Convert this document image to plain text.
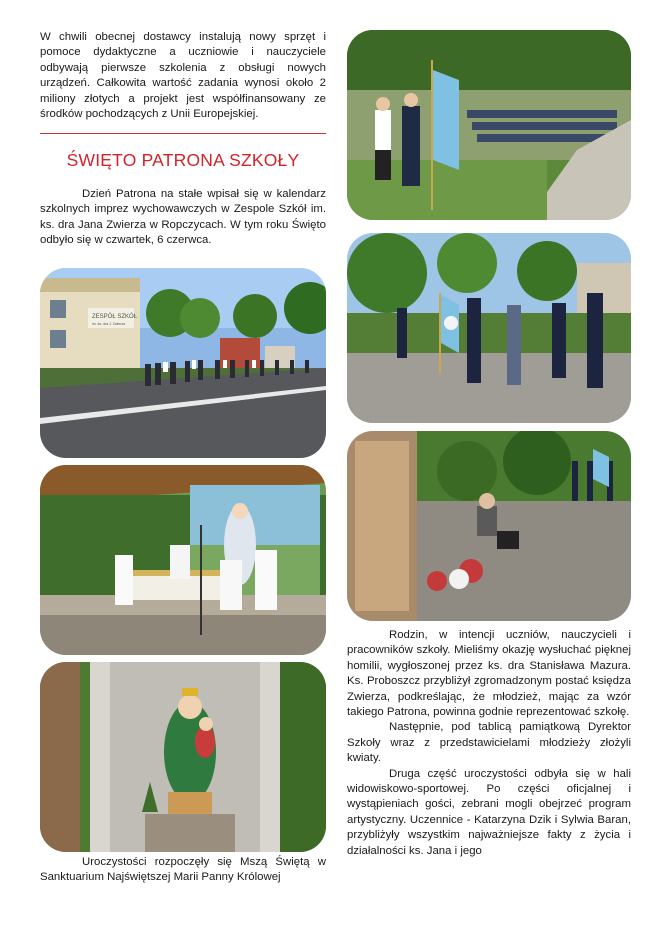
W chwili obecnej dostawcy instalują nowy sprzęt i pomoce dydaktyczne a uczniowie i nauczyciele odbywają pierwsze szkolenia z obsługi nowych urządzeń. Całkowita wartość zadania wynosi około 2 miliony złotych a projekt jest współfinansowany ze środków pochodzących z Unii Europejskiej.

ŚWIĘTO PATRONA SZKOŁY

Dzień Patrona na stałe wpisał się w kalendarz szkolnych imprez wychowawczych w Zespole Szkół im. ks. dra Jana Zwierza w Ropczycach. W tym roku Święto odbyło się w czwartek, 6 czerwca.

ZESPÓŁ SZKÓŁ
im. ks. dra J. Zwierza

Uroczystości rozpoczęły się Mszą Świętą w Sanktuarium Najświętszej Marii Panny Królowej

Rodzin, w intencji uczniów, nauczycieli i pracowników szkoły. Mieliśmy okazję wysłuchać pięknej homilii, wygłoszonej przez ks. dra Stanisława Mazura. Ks. Proboszcz przybliżył zgromadzonym postać księdza Zwierza, podkreślając, że młodzież, mając za wzór takiego Patrona, powinna godnie reprezentować szkołę.

Następnie, pod tablicą pamiątkową Dyrektor Szkoły wraz z przedstawicielami młodzieży złożyli kwiaty.

Druga część uroczystości odbyła się w hali widowiskowo-sportowej. Po części oficjalnej i wystąpieniach gości, zebrani mogli obejrzeć program artystyczny. Uczennice - Katarzyna Dzik i Sylwia Baran, przybliżyły wszystkim najważniejsze fakty z życia i działalności ks. Jana i jego
